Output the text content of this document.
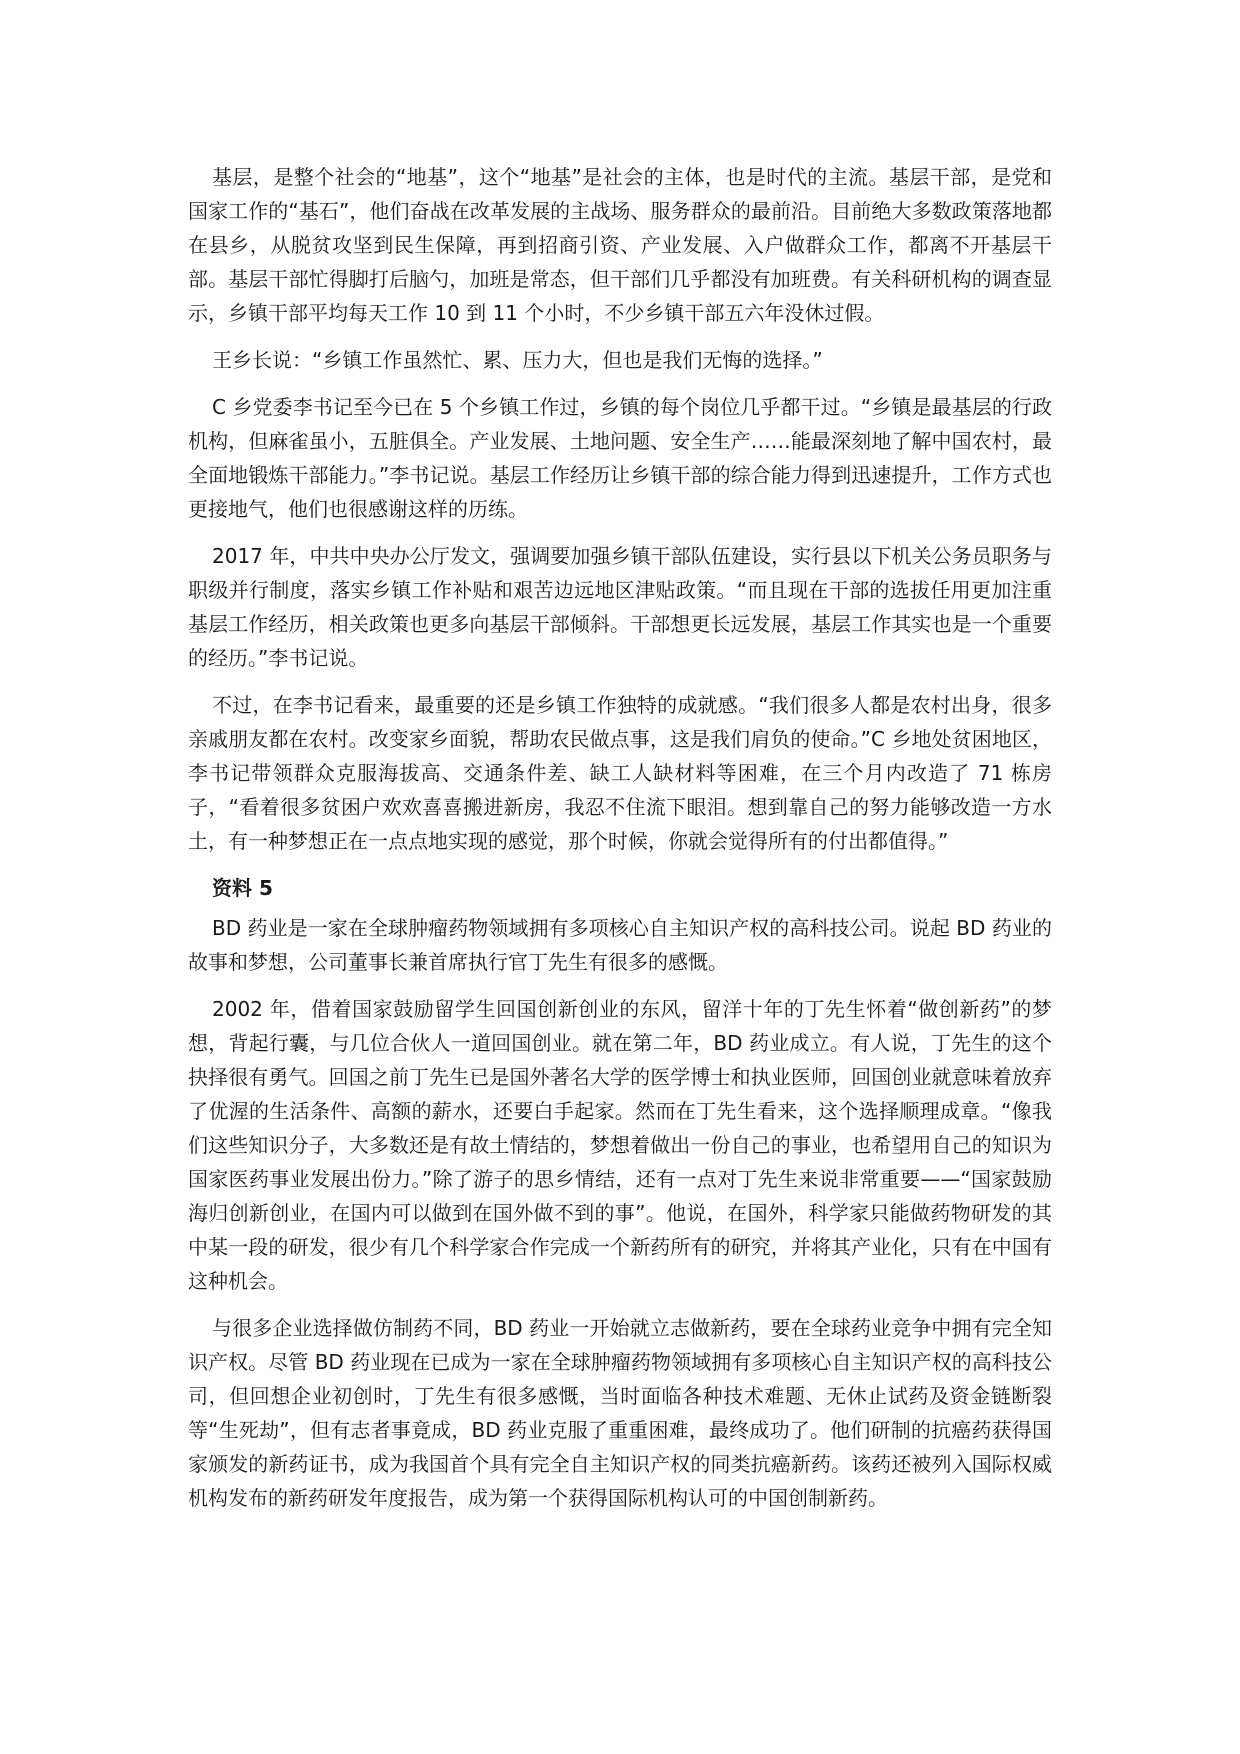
基层，是整个社会的“地基”，这个“地基”是社会的主体，也是时代的主流。基层干部，是党和国家工作的“基石”，他们奋战在改革发展的主战场、服务群众的最前沿。目前绝大多数政策落地都在县乡，从脱贫攻坚到民生保障，再到招商引资、产业发展、入户做群众工作，都离不开基层干部。基层干部忙得脚打后脑勺，加班是常态，但干部们几乎都没有加班费。有关科研机构的调查显示，乡镇干部平均每天工作 10 到 11 个小时，不少乡镇干部五六年没休过假。

王乡长说：“乡镇工作虽然忙、累、压力大，但也是我们无悔的选择。”

C 乡党委李书记至今已在 5 个乡镇工作过，乡镇的每个岗位几乎都干过。“乡镇是最基层的行政机构，但麻雀虽小，五脏俱全。产业发展、土地问题、安全生产……能最深刻地了解中国农村，最全面地锻炼干部能力。”李书记说。基层工作经历让乡镇干部的综合能力得到迅速提升，工作方式也更接地气，他们也很感谢这样的历练。

2017 年，中共中央办公厅发文，强调要加强乡镇干部队伍建设，实行县以下机关公务员职务与职级并行制度，落实乡镇工作补贴和艰苦边远地区津贴政策。“而且现在干部的选拔任用更加注重基层工作经历，相关政策也更多向基层干部倾斜。干部想更长远发展，基层工作其实也是一个重要的经历。”李书记说。

不过，在李书记看来，最重要的还是乡镇工作独特的成就感。“我们很多人都是农村出身，很多亲戚朋友都在农村。改变家乡面貌，帮助农民做点事，这是我们肩负的使命。”C 乡地处贫困地区，李书记带领群众克服海拔高、交通条件差、缺工人缺材料等困难，在三个月内改造了 71 栋房子，“看着很多贫困户欢欢喜喜搬进新房，我忍不住流下眼泪。想到靠自己的努力能够改造一方水土，有一种梦想正在一点点地实现的感觉，那个时候，你就会觉得所有的付出都值得。”

资料 5

BD 药业是一家在全球肿瘤药物领域拥有多项核心自主知识产权的高科技公司。说起 BD 药业的故事和梦想，公司董事长兼首席执行官丁先生有很多的感慨。

2002 年，借着国家鼓励留学生回国创新创业的东风，留洋十年的丁先生怀着“做创新药”的梦想，背起行囊，与几位合伙人一道回国创业。就在第二年，BD 药业成立。有人说，丁先生的这个抉择很有勇气。回国之前丁先生已是国外著名大学的医学博士和执业医师，回国创业就意味着放弃了优渥的生活条件、高额的薪水，还要白手起家。然而在丁先生看来，这个选择顺理成章。“像我们这些知识分子，大多数还是有故土情结的，梦想着做出一份自己的事业，也希望用自己的知识为国家医药事业发展出份力。”除了游子的思乡情结，还有一点对丁先生来说非常重要——“国家鼓励海归创新创业，在国内可以做到在国外做不到的事”。他说，在国外，科学家只能做药物研发的其中某一段的研发，很少有几个科学家合作完成一个新药所有的研究，并将其产业化，只有在中国有这种机会。

与很多企业选择做仿制药不同，BD 药业一开始就立志做新药，要在全球药业竞争中拥有完全知识产权。尽管 BD 药业现在已成为一家在全球肿瘤药物领域拥有多项核心自主知识产权的高科技公司，但回想企业初创时，丁先生有很多感慨，当时面临各种技术难题、无休止试药及资金链断裂等“生死劫”，但有志者事竟成，BD 药业克服了重重困难，最终成功了。他们研制的抗癌药获得国家颁发的新药证书，成为我国首个具有完全自主知识产权的同类抗癌新药。该药还被列入国际权威机构发布的新药研发年度报告，成为第一个获得国际机构认可的中国创制新药。
